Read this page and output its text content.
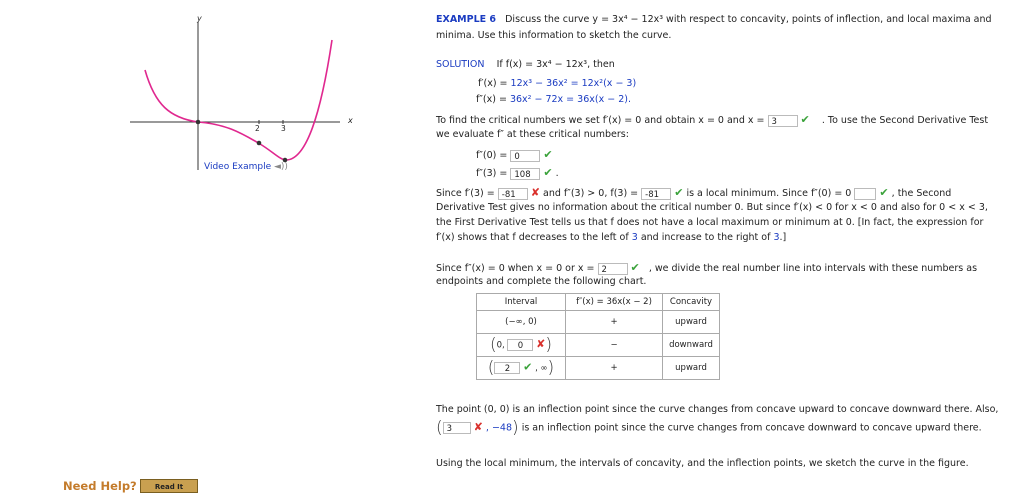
y
x
2	3
Video Example ◄))
EXAMPLE 6 Discuss the curve y = 3x⁴ − 12x³ with respect to concavity, points of inflection, and local maxima and
minima. Use this information to sketch the curve.
SOLUTION If f(x) = 3x⁴ − 12x³, then
f′(x) = 12x³ − 36x² = 12x²(x − 3)
f″(x) = 36x² − 72x = 36x(x − 2).
To find the critical numbers we set f′(x) = 0 and obtain x = 0 and x = 3 ✔ . To use the Second Derivative Test
we evaluate f″ at these critical numbers:
f″(0) = 0 ✔
f″(3) = 108 ✔ .
Since f′(3) = -81 ✘ and f″(3) > 0, f(3) = -81 ✔ is a local minimum. Since f″(0) = 0	✔ , the Second
Derivative Test gives no information about the critical number 0. But since f′(x) < 0 for x < 0 and also for 0 < x < 3,
the First Derivative Test tells us that f does not have a local maximum or minimum at 0. [In fact, the expression for
f′(x) shows that f decreases to the left of 3 and increase to the right of 3.]
Since f″(x) = 0 when x = 0 or x = 2 ✔ , we divide the real number line into intervals with these numbers as
endpoints and complete the following chart.
Interval	f″(x) = 36x(x − 2)	Concavity
(−∞, 0)	+	upward
(0, 0 ✘)	−	downward
( 2 ✔ , ∞)	+	upward
The point (0, 0) is an inflection point since the curve changes from concave upward to concave downward there. Also,
( 3 ✘ , −48) is an inflection point since the curve changes from concave downward to concave upward there.
Using the local minimum, the intervals of concavity, and the inflection points, we sketch the curve in the figure.
Need Help?	Read It
